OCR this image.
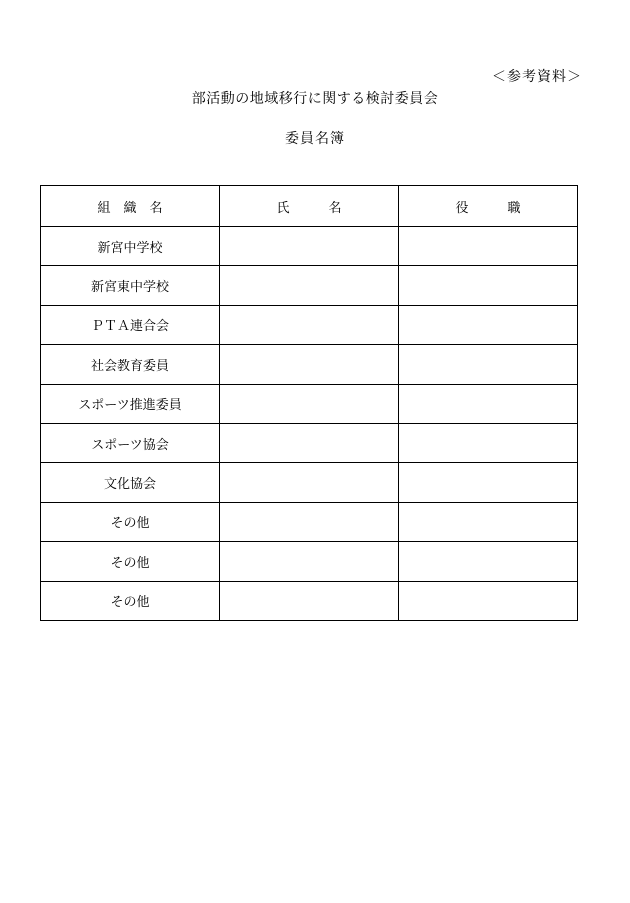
＜参考資料＞
部活動の地域移行に関する検討委員会
委員名簿
組　織　名	氏　　　名	役　　　職
新宮中学校		
新宮東中学校		
ＰＴＡ連合会		
社会教育委員		
スポーツ推進委員		
スポーツ協会		
文化協会		
その他		
その他		
その他		
